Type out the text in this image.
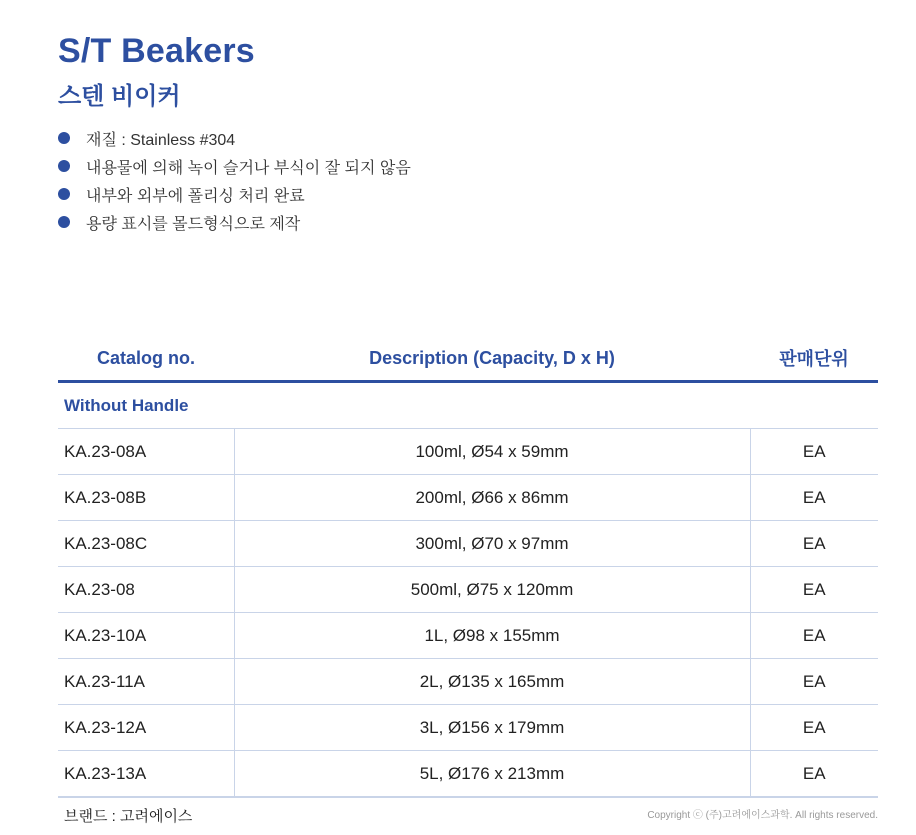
S/T Beakers
스텐 비이커
재질 : Stainless #304
내용물에 의해 녹이 슬거나 부식이 잘 되지 않음
내부와 외부에 폴리싱 처리 완료
용량 표시를 몰드형식으로 제작
Catalog no.	Description (Capacity, D x H)	판매단위
Without Handle		
KA.23-08A	100ml, Ø54 x 59mm	EA
KA.23-08B	200ml, Ø66 x 86mm	EA
KA.23-08C	300ml, Ø70 x 97mm	EA
KA.23-08	500ml, Ø75 x 120mm	EA
KA.23-10A	1L, Ø98 x 155mm	EA
KA.23-11A	2L, Ø135 x 165mm	EA
KA.23-12A	3L, Ø156 x 179mm	EA
KA.23-13A	5L, Ø176 x 213mm	EA
브랜드 : 고려에이스	Copyright ⓒ (주)고려에이스과학. All rights reserved.
